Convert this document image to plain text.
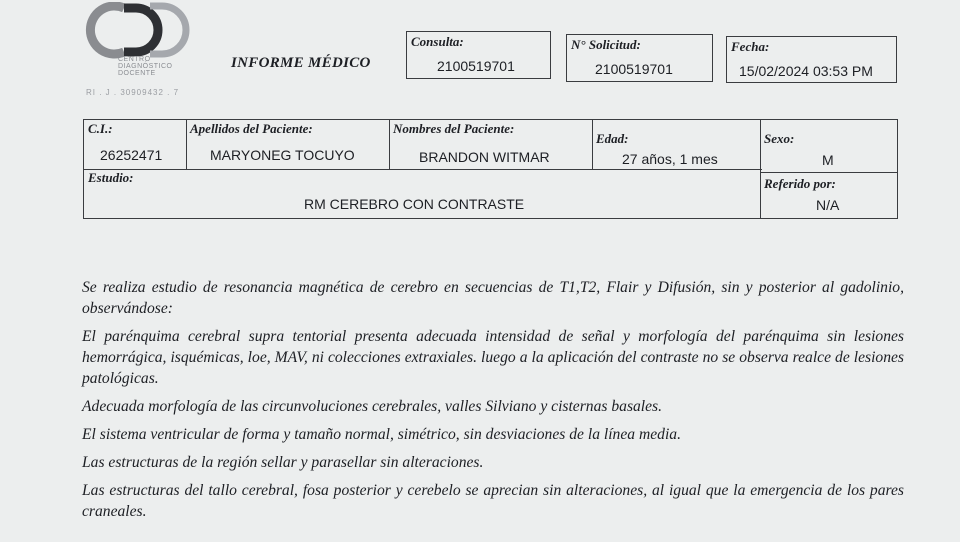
CENTRO
DIAGNÓSTICO
DOCENTE
RI . J . 30909432 . 7
INFORME MÉDICO
Consulta:
2100519701
N° Solicitud:
2100519701
Fecha:
15/02/2024 03:53 PM
C.I.:
26252471
Apellidos del Paciente:
MARYONEG TOCUYO
Nombres del Paciente:
BRANDON WITMAR
Edad:
27 años, 1 mes
Sexo:
M
Estudio:
RM CEREBRO CON CONTRASTE
Referido por:
N/A

Se realiza estudio de resonancia magnética de cerebro en secuencias de T1,T2, Flair y Difusión, sin y posterior al gadolinio, observándose:

El parénquima cerebral supra tentorial presenta adecuada intensidad de señal y morfología del parénquima sin lesiones hemorrágica, isquémicas, loe, MAV, ni colecciones extraxiales. luego a la aplicación del contraste no se observa realce de lesiones patológicas.

Adecuada morfología de las circunvoluciones cerebrales, valles Silviano y cisternas basales.

El sistema ventricular de forma y tamaño normal, simétrico, sin desviaciones de la línea media.

Las estructuras de la región sellar y parasellar sin alteraciones.

Las estructuras del tallo cerebral, fosa posterior y cerebelo se aprecian sin alteraciones, al igual que la emergencia de los pares craneales.
